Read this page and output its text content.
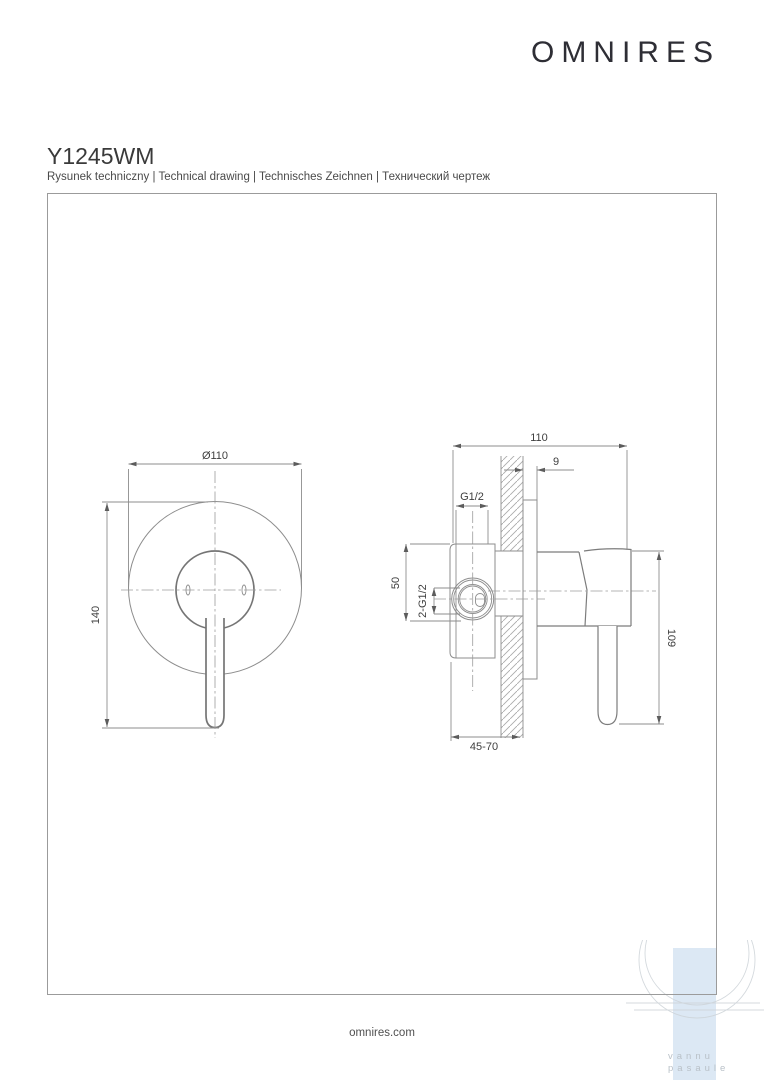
OMNIRES
Y1245WM
Rysunek techniczny | Technical drawing | Technisches Zeichnen | Технический чертеж
Ø110
140
110
9
G1/2
50
2-G1/2
109
45-70
omnires.com
vannu
pasaule
